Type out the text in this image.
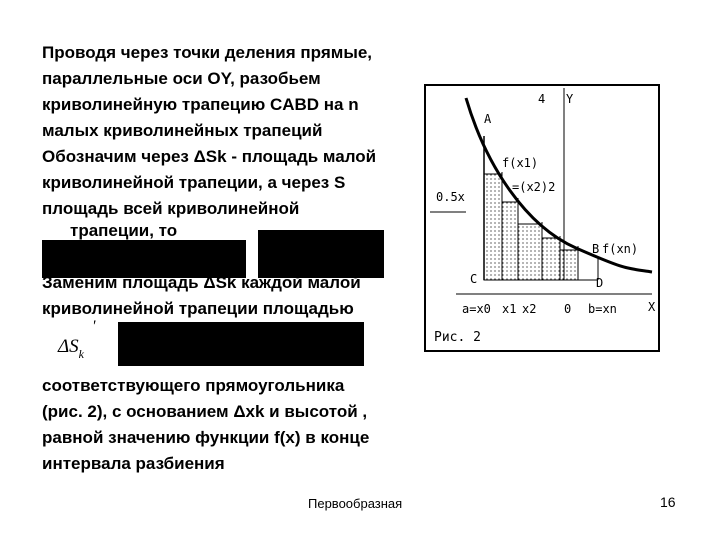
Проводя через точки деления прямые,
параллельные оси OY, разобьем
криволинейную трапецию CABD на n
малых криволинейных трапеций
Обозначим через ΔSk - площадь малой
криволинейной трапеции, а через S
площадь всей криволинейной
трапеции, то
Заменим площадь ΔSk каждой малой
криволинейной трапеции площадью
$\Delta S_k$
'
соответствующего прямоугольника
(рис. 2), с основанием Δxk и высотой ,
равной значению функции f(x) в конце
интервала разбиения
Первообразная	16
4 Y
A
f(x1)
=(x2)2
0.5x
B f(xn)
C	D
X
a=x0 x1 x2 0 b=xn
Рис. 2
